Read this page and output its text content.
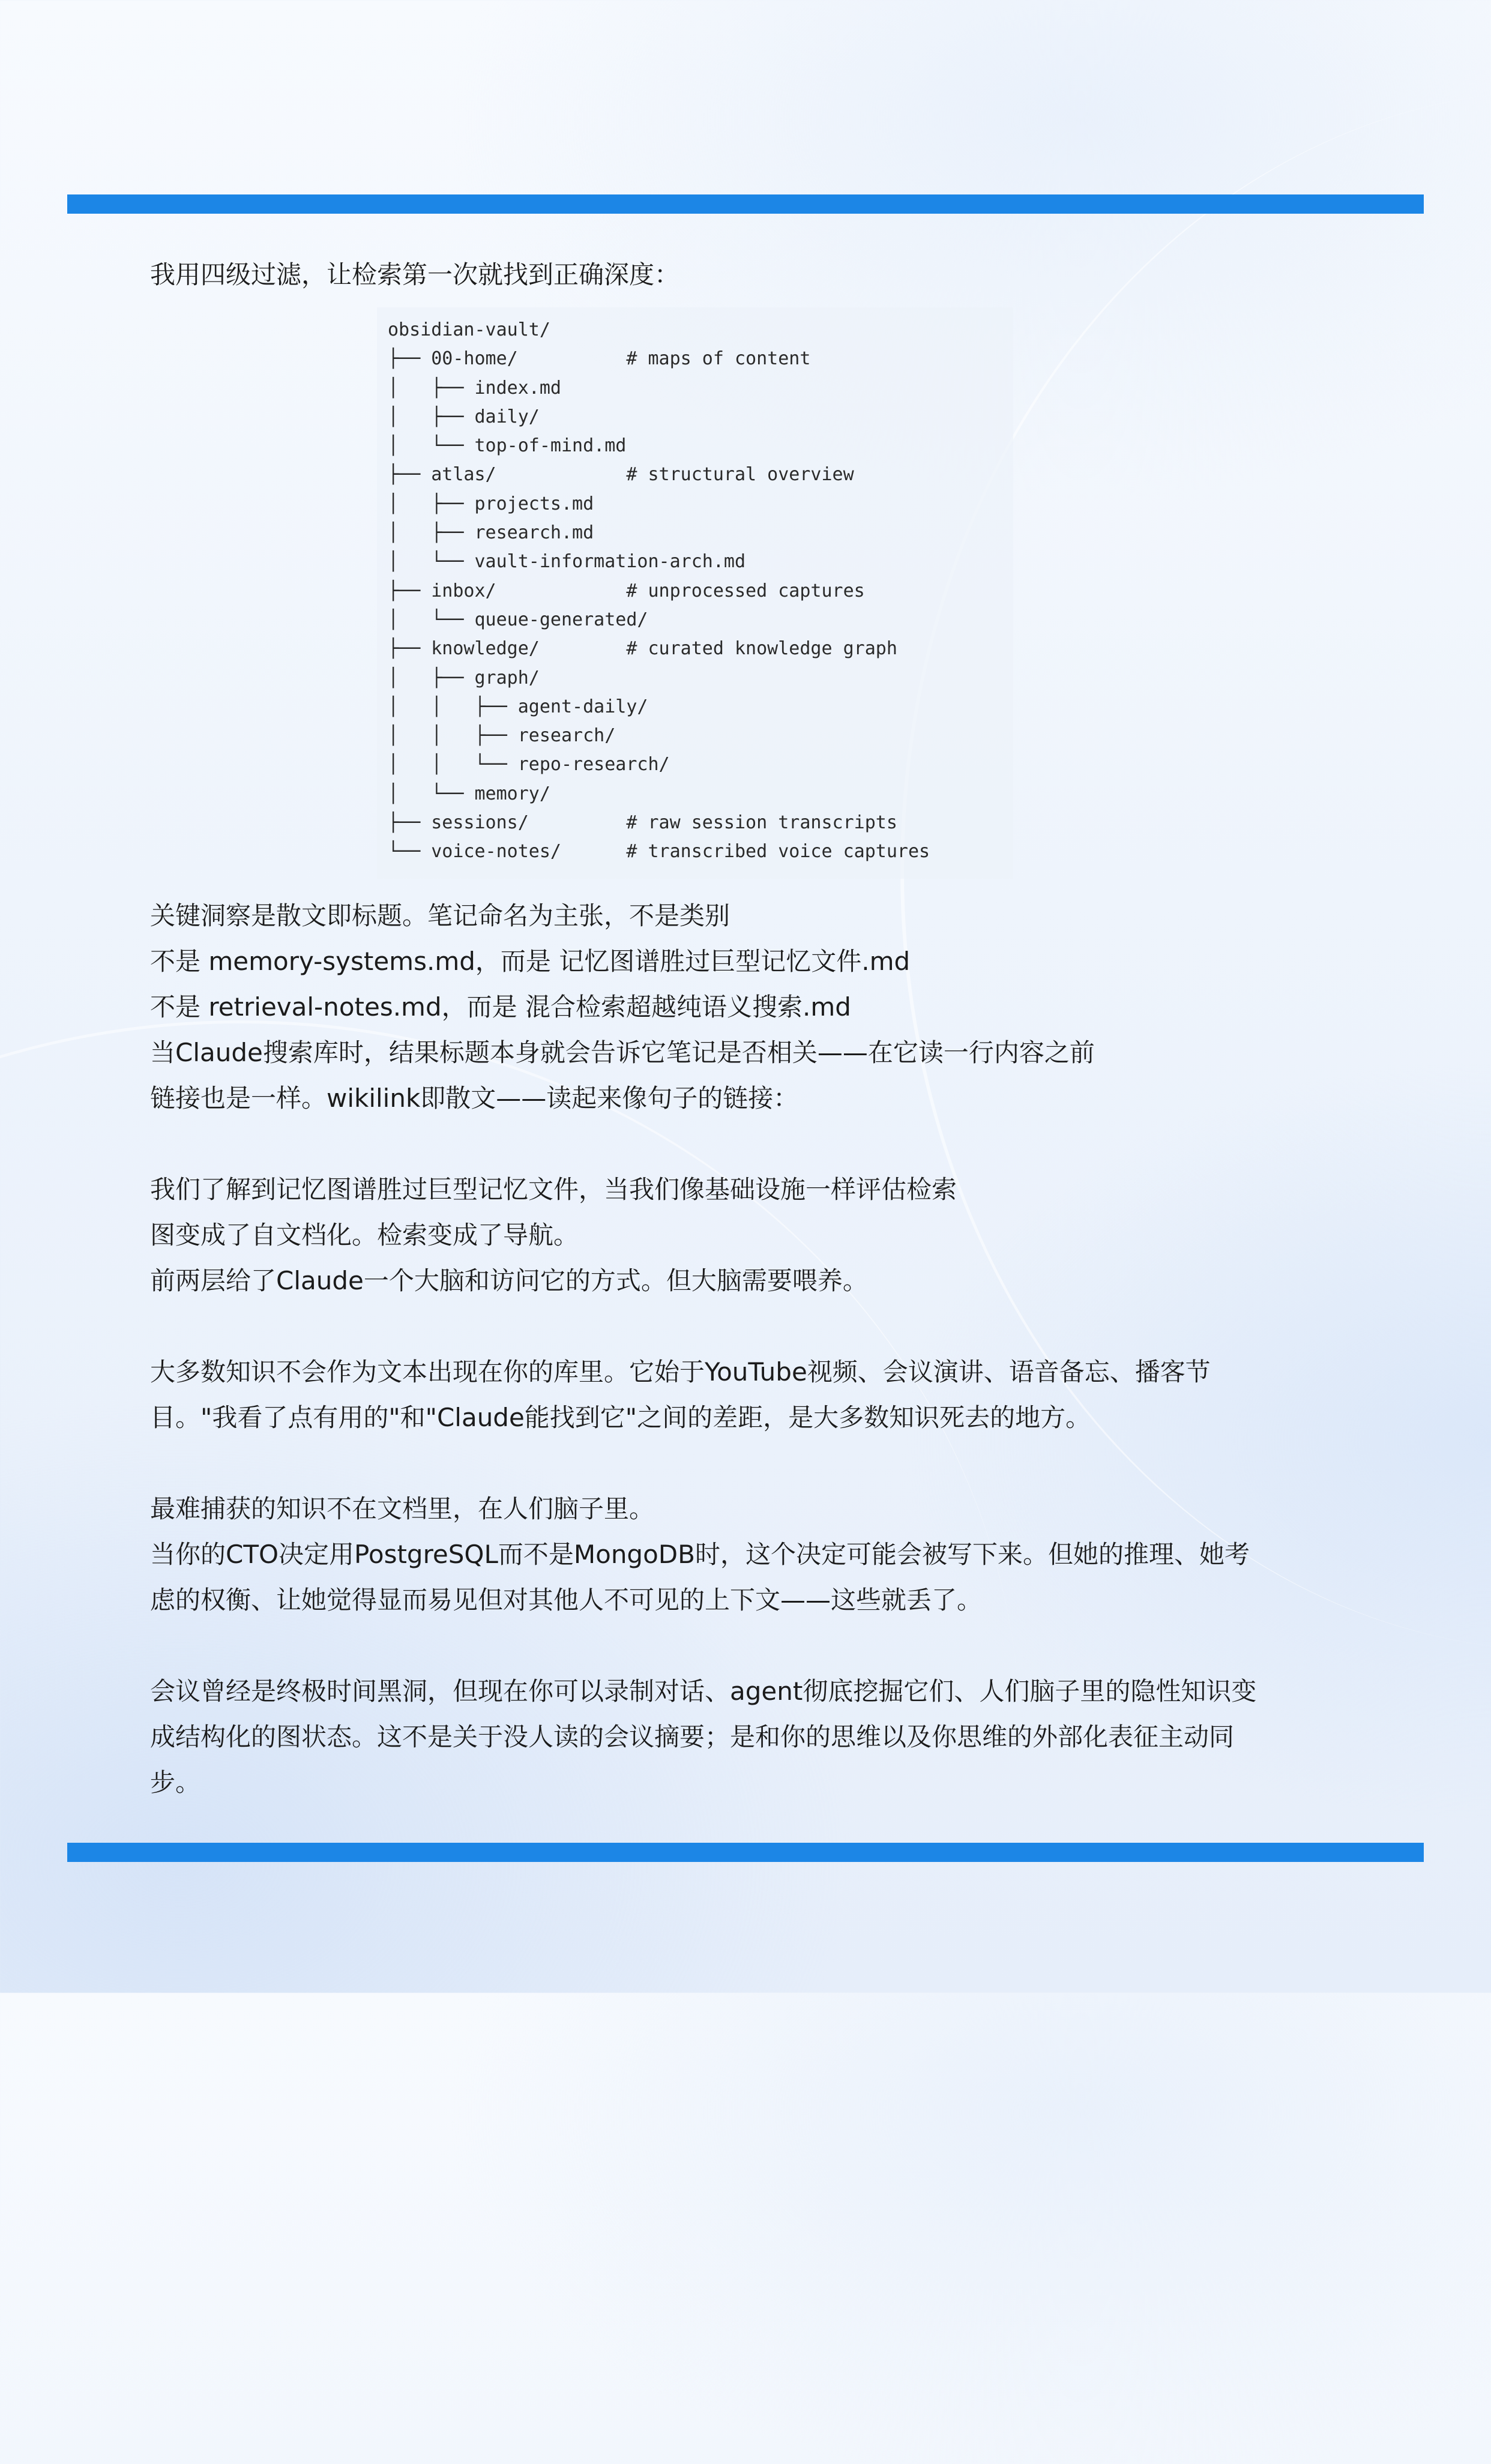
我用四级过滤，让检索第一次就找到正确深度：
obsidian-vault/
├── 00-home/          # maps of content
│   ├── index.md
│   ├── daily/
│   └── top-of-mind.md
├── atlas/            # structural overview
│   ├── projects.md
│   ├── research.md
│   └── vault-information-arch.md
├── inbox/            # unprocessed captures
│   └── queue-generated/
├── knowledge/        # curated knowledge graph
│   ├── graph/
│   │   ├── agent-daily/
│   │   ├── research/
│   │   └── repo-research/
│   └── memory/
├── sessions/         # raw session transcripts
└── voice-notes/      # transcribed voice captures
关键洞察是散文即标题。笔记命名为主张，不是类别
不是 memory-systems.md，而是 记忆图谱胜过巨型记忆文件.md
不是 retrieval-notes.md，而是 混合检索超越纯语义搜索.md
当Claude搜索库时，结果标题本身就会告诉它笔记是否相关——在它读一行内容之前
链接也是一样。wikilink即散文——读起来像句子的链接：
我们了解到记忆图谱胜过巨型记忆文件，当我们像基础设施一样评估检索
图变成了自文档化。检索变成了导航。
前两层给了Claude一个大脑和访问它的方式。但大脑需要喂养。
大多数知识不会作为文本出现在你的库里。它始于YouTube视频、会议演讲、语音备忘、播客节
目。"我看了点有用的"和"Claude能找到它"之间的差距，是大多数知识死去的地方。
最难捕获的知识不在文档里，在人们脑子里。
当你的CTO决定用PostgreSQL而不是MongoDB时，这个决定可能会被写下来。但她的推理、她考
虑的权衡、让她觉得显而易见但对其他人不可见的上下文——这些就丢了。
会议曾经是终极时间黑洞，但现在你可以录制对话、agent彻底挖掘它们、人们脑子里的隐性知识变
成结构化的图状态。这不是关于没人读的会议摘要；是和你的思维以及你思维的外部化表征主动同
步。
